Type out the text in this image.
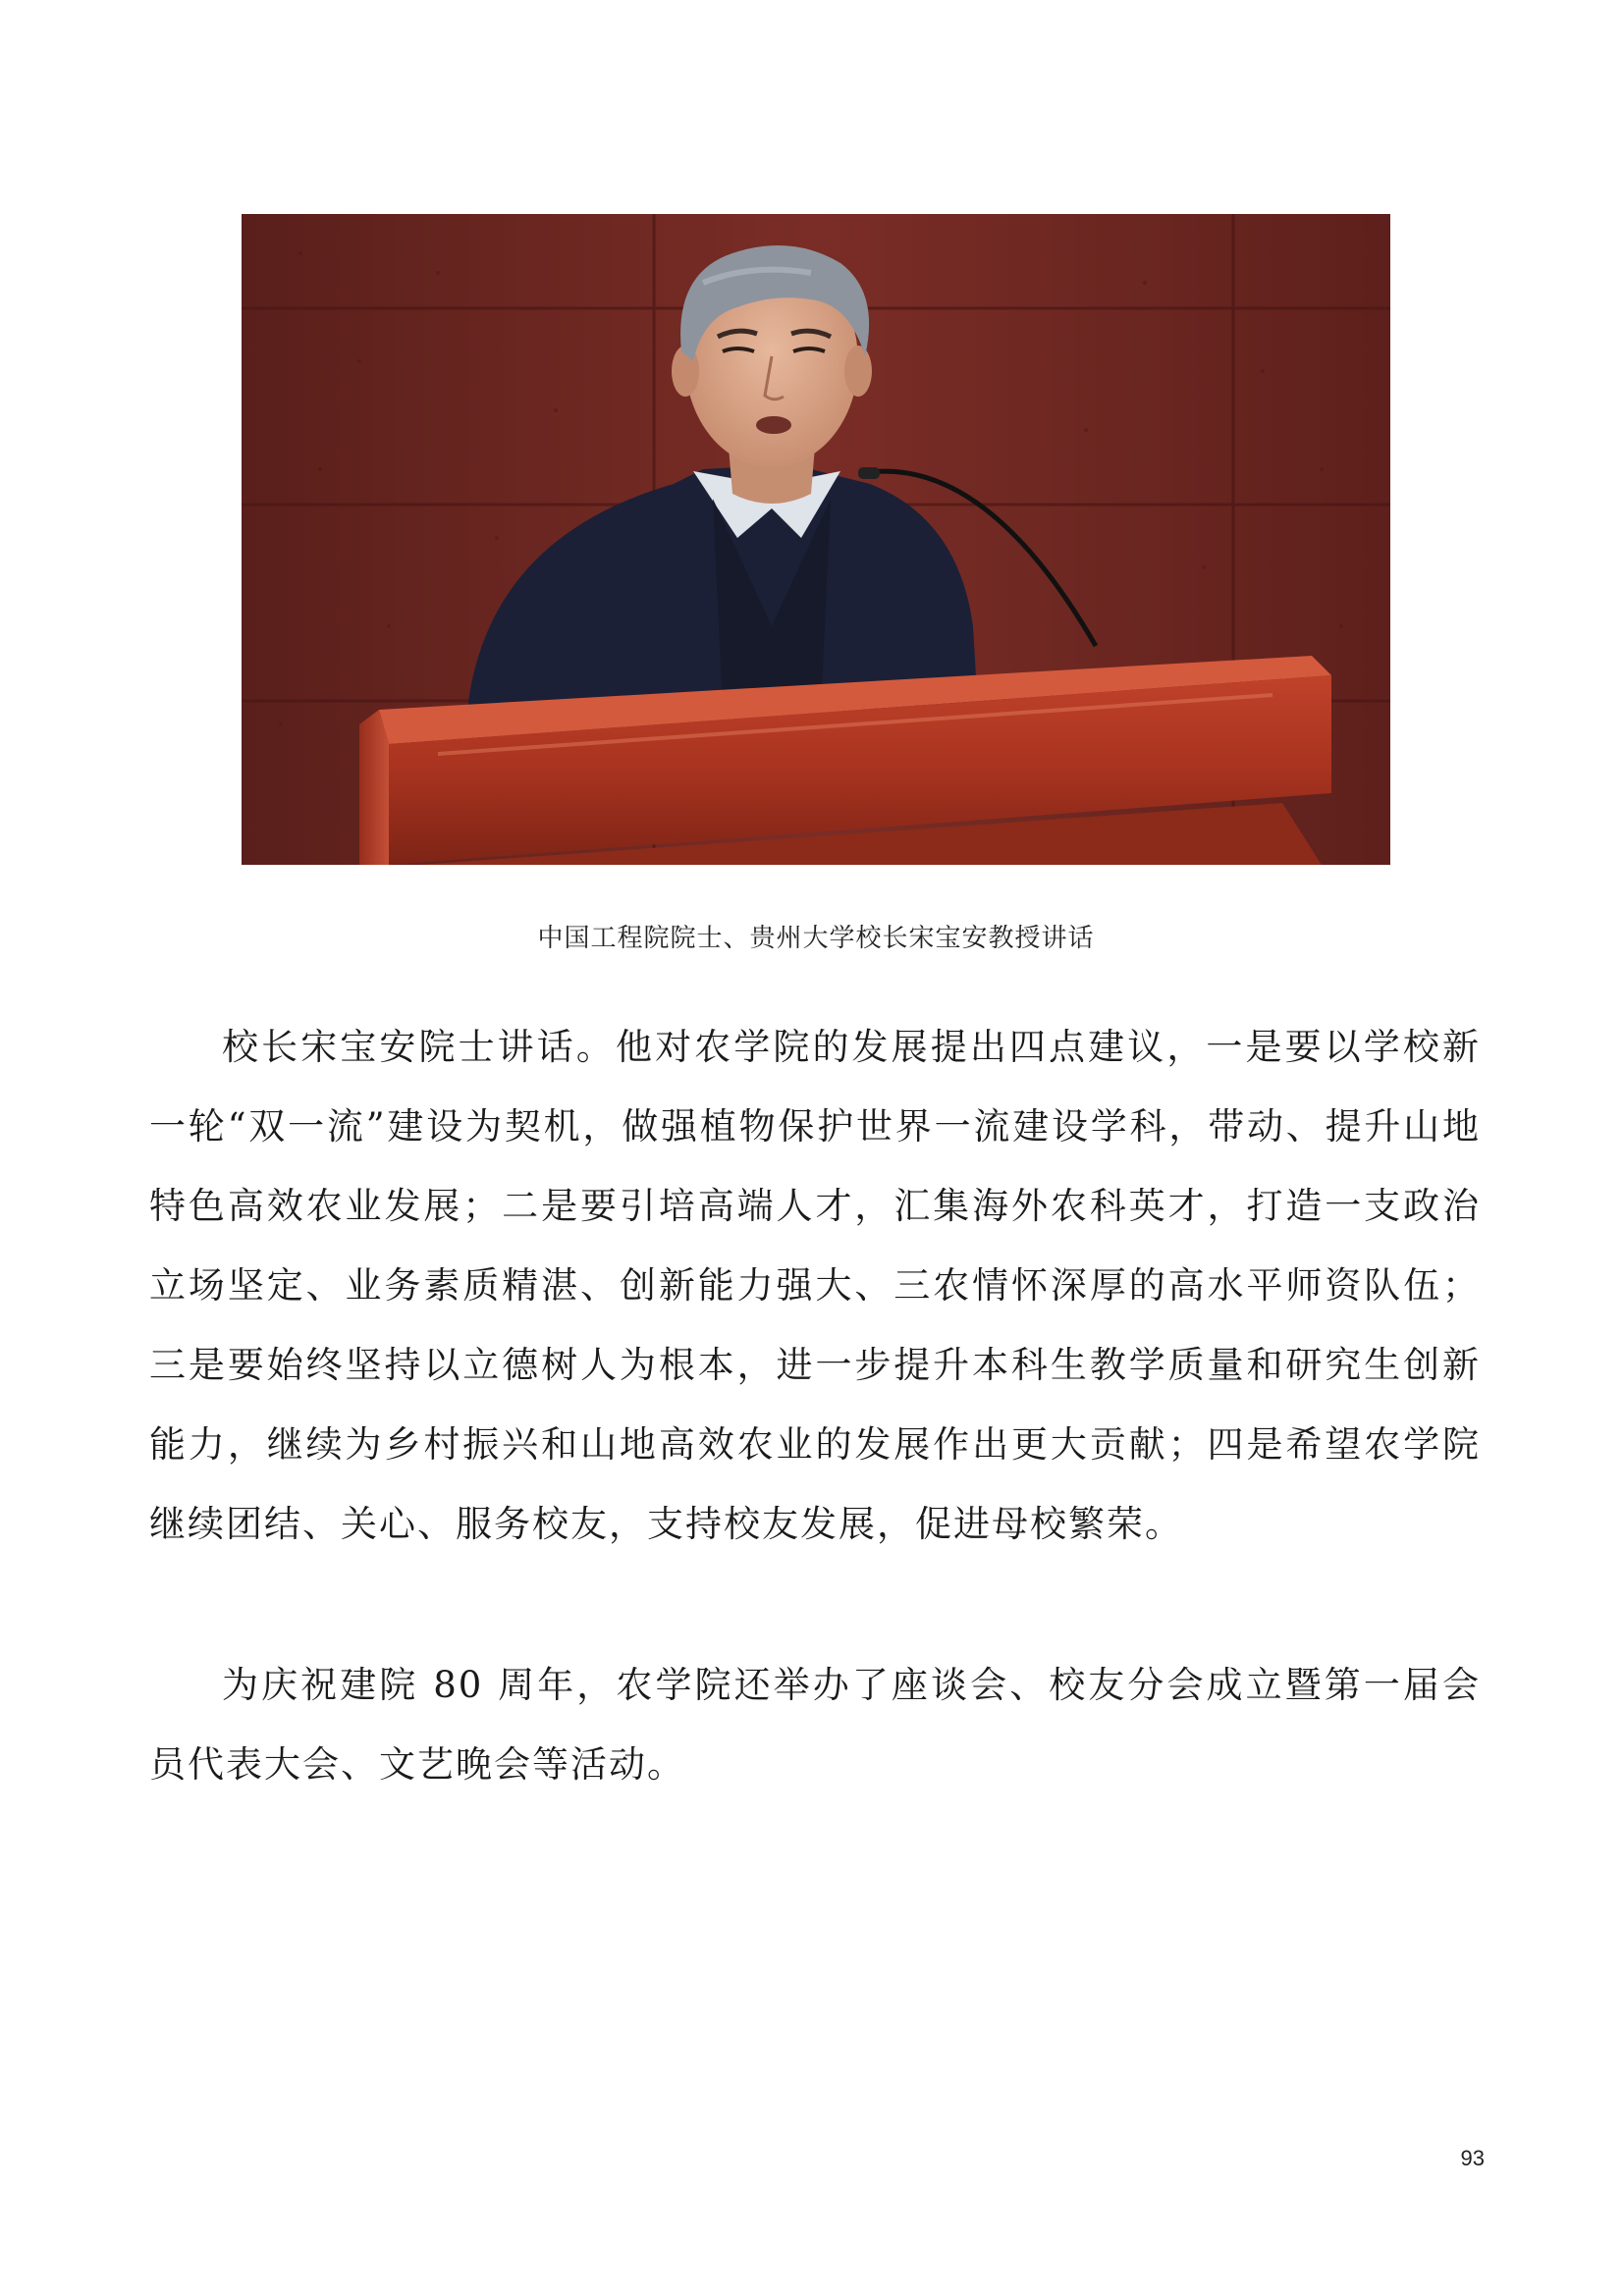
中国工程院院士、贵州大学校长宋宝安教授讲话

校长宋宝安院士讲话。他对农学院的发展提出四点建议，一是要以学校新一轮“双一流”建设为契机，做强植物保护世界一流建设学科，带动、提升山地特色高效农业发展；二是要引培高端人才，汇集海外农科英才，打造一支政治立场坚定、业务素质精湛、创新能力强大、三农情怀深厚的高水平师资队伍；三是要始终坚持以立德树人为根本，进一步提升本科生教学质量和研究生创新能力，继续为乡村振兴和山地高效农业的发展作出更大贡献；四是希望农学院继续团结、关心、服务校友，支持校友发展，促进母校繁荣。

为庆祝建院 80 周年，农学院还举办了座谈会、校友分会成立暨第一届会员代表大会、文艺晚会等活动。

93
